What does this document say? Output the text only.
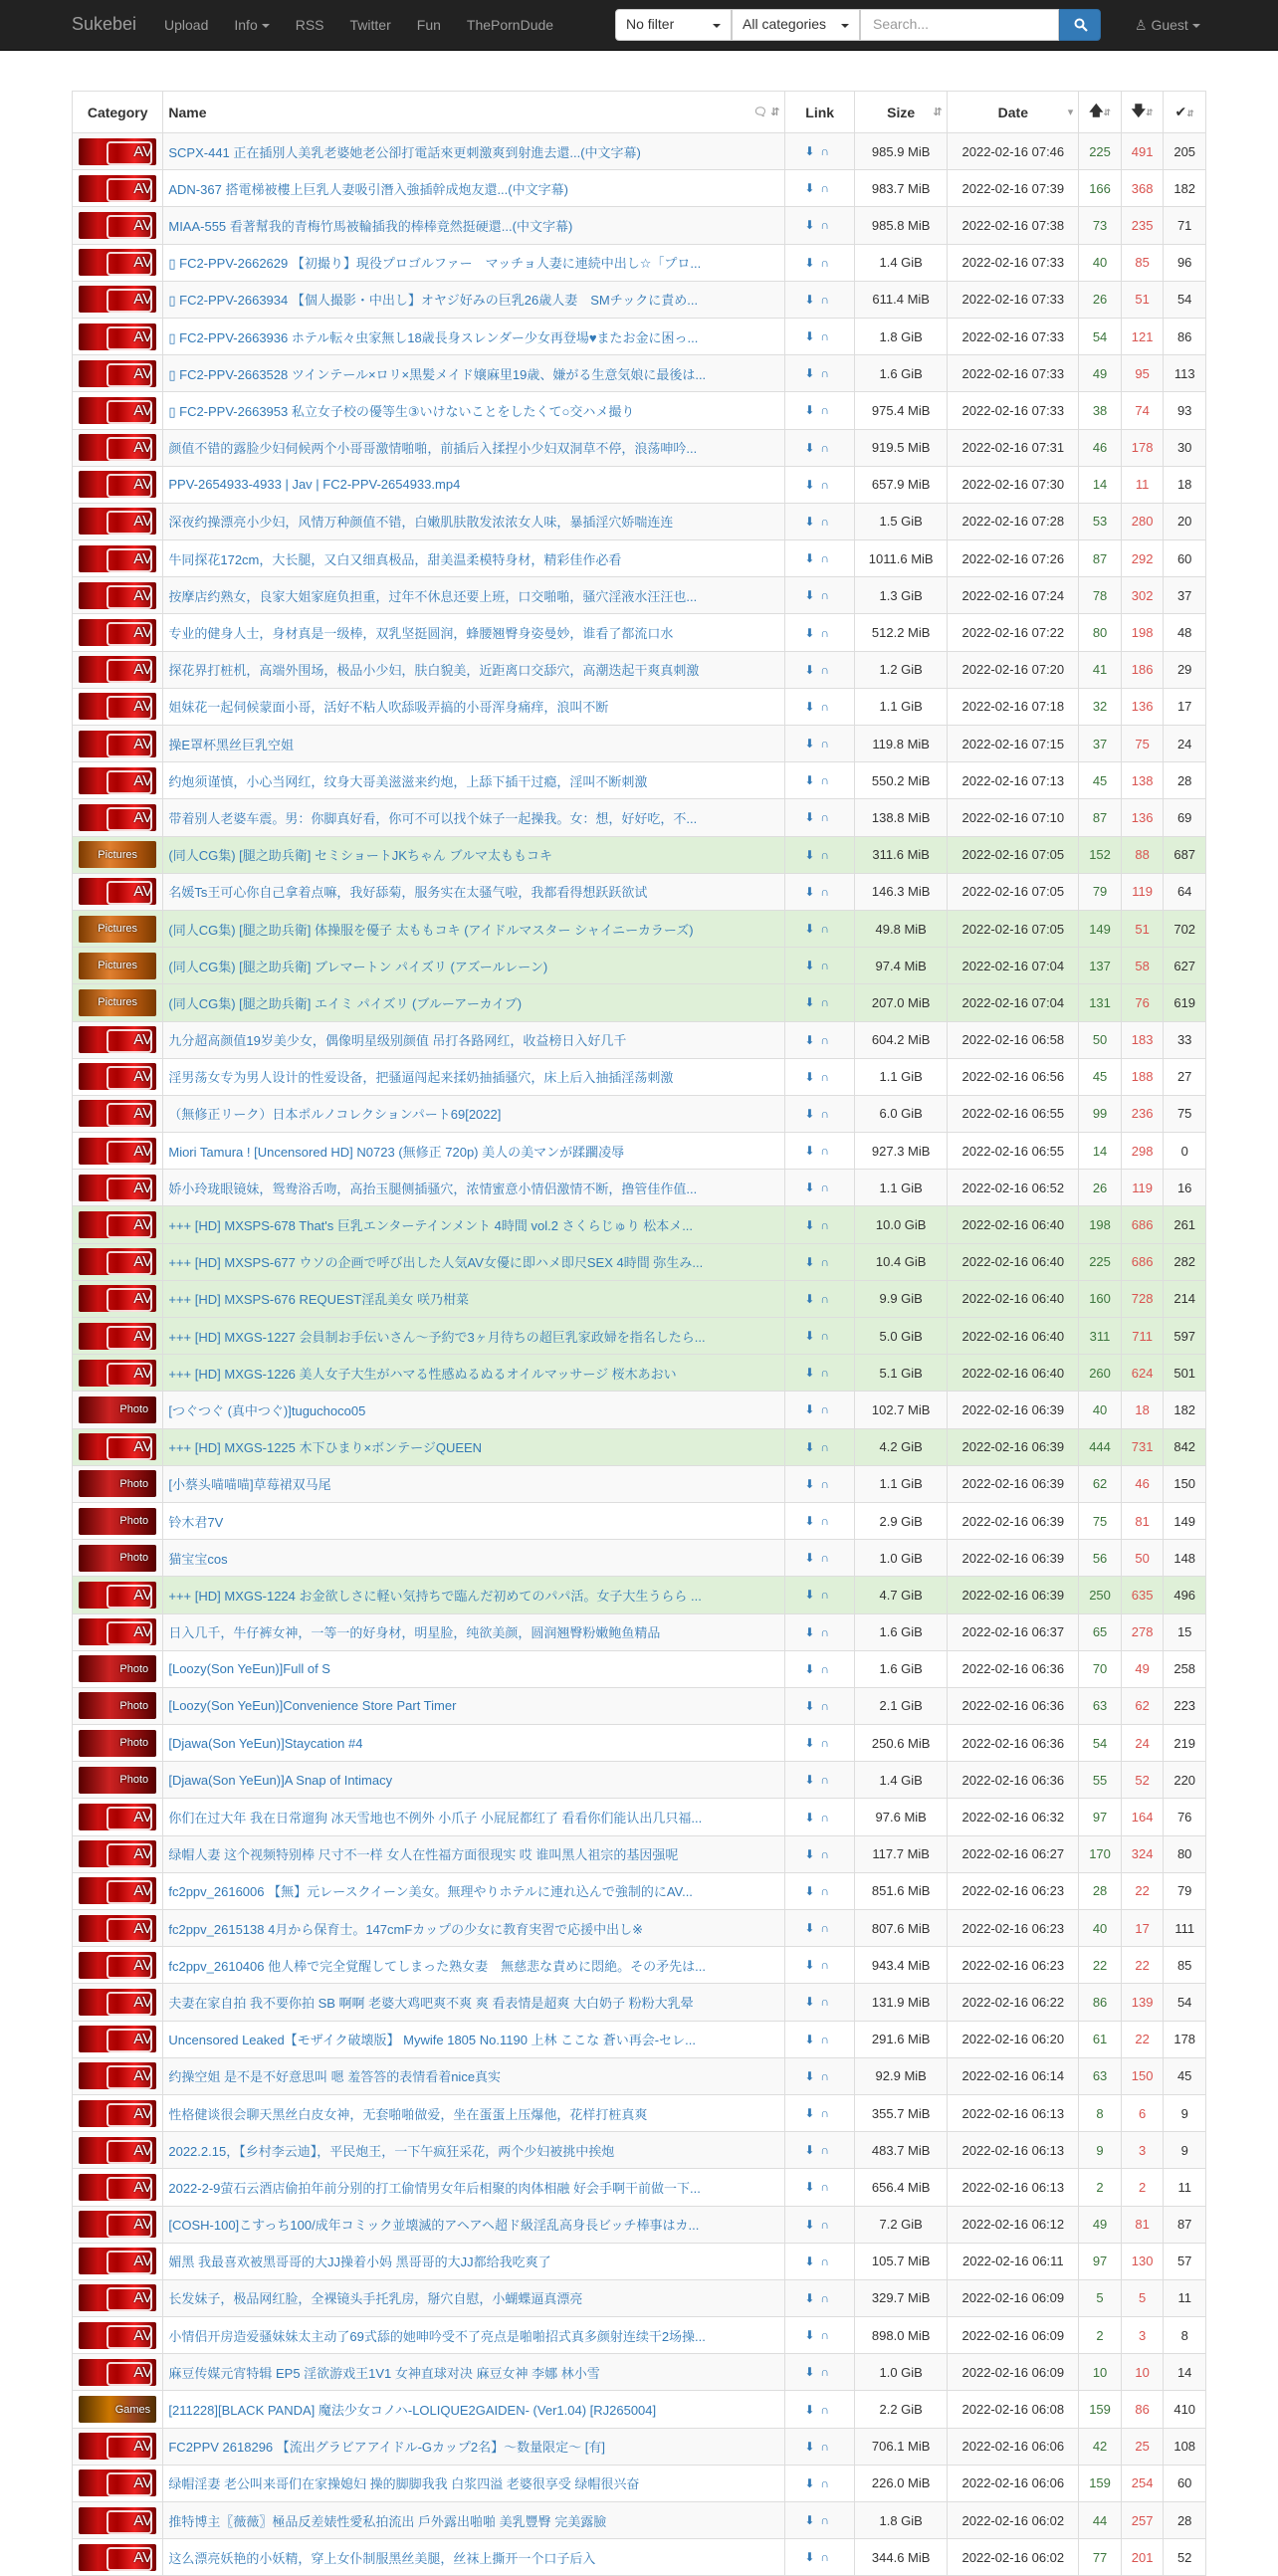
Sukebei	Upload	Info	RSS	Twitter	Fun	ThePornDude	No filter	All categories	Search...	♙ Guest
Category	Name 🗨 ⇵	Link	Size ⇵	Date ▾	🡅⇵	🡇⇵	✔⇵

AV	SCPX-441 正在插別人美乳老婆她老公卻打電話來更刺激爽到射進去還...(中文字幕)	⬇∩	985.9 MiB	2022-02-16 07:46	225	491	205

AV	ADN-367 搭電梯被樓上巨乳人妻吸引潛入強插幹成炮友還...(中文字幕)	⬇∩	983.7 MiB	2022-02-16 07:39	166	368	182

AV	MIAA-555 看著幫我的青梅竹馬被輪插我的棒棒竟然挺硬還...(中文字幕)	⬇∩	985.8 MiB	2022-02-16 07:38	73	235	71

AV	▯ FC2-PPV-2662629 【初撮り】現役プロゴルファー　マッチョ人妻に連続中出し☆「プロ...	⬇∩	1.4 GiB	2022-02-16 07:33	40	85	96

AV	▯ FC2-PPV-2663934 【個人撮影・中出し】オヤジ好みの巨乳26歳人妻　SMチックに責め...	⬇∩	611.4 MiB	2022-02-16 07:33	26	51	54

AV	▯ FC2-PPV-2663936 ホテル転々虫家無し18歳長身スレンダー少女再登場♥またお金に困っ...	⬇∩	1.8 GiB	2022-02-16 07:33	54	121	86

AV	▯ FC2-PPV-2663528 ツインテール×ロリ×黒髪メイド嬢麻里19歳、嫌がる生意気娘に最後は...	⬇∩	1.6 GiB	2022-02-16 07:33	49	95	113

AV	▯ FC2-PPV-2663953 私立女子校の優等生③いけないことをしたくて○交ハメ撮り	⬇∩	975.4 MiB	2022-02-16 07:33	38	74	93

AV	颜值不错的露脸少妇伺候两个小哥哥激情啪啪，前插后入揉捏小少妇双洞草不停，浪荡呻吟...	⬇∩	919.5 MiB	2022-02-16 07:31	46	178	30

AV	PPV-2654933-4933 | Jav | FC2-PPV-2654933.mp4	⬇∩	657.9 MiB	2022-02-16 07:30	14	11	18

AV	深夜约操漂亮小少妇，风情万种颜值不错，白嫩肌肤散发浓浓女人味，暴插淫穴娇喘连连	⬇∩	1.5 GiB	2022-02-16 07:28	53	280	20

AV	牛同探花172cm，大长腿，又白又细真极品，甜美温柔模特身材，精彩佳作必看	⬇∩	1011.6 MiB	2022-02-16 07:26	87	292	60

AV	按摩店约熟女，良家大姐家庭负担重，过年不休息还要上班，口交啪啪，骚穴淫液水汪汪也...	⬇∩	1.3 GiB	2022-02-16 07:24	78	302	37

AV	专业的健身人士，身材真是一级棒，双乳坚挺圆润，蜂腰翘臀身姿曼妙，谁看了都流口水	⬇∩	512.2 MiB	2022-02-16 07:22	80	198	48

AV	探花界打桩机，高端外围场，极品小少妇，肤白貌美，近距离口交舔穴，高潮迭起干爽真刺激	⬇∩	1.2 GiB	2022-02-16 07:20	41	186	29

AV	姐妹花一起伺候蒙面小哥，活好不粘人吹舔吸弄搞的小哥浑身痛痒，浪叫不断	⬇∩	1.1 GiB	2022-02-16 07:18	32	136	17

AV	操E罩杯黑丝巨乳空姐	⬇∩	119.8 MiB	2022-02-16 07:15	37	75	24

AV	约炮须谨慎，小心当网红，纹身大哥美滋滋来约炮，上舔下插干过瘾，淫叫不断刺激	⬇∩	550.2 MiB	2022-02-16 07:13	45	138	28

AV	带着别人老婆车震。男：你脚真好看，你可不可以找个妹子一起操我。女：想，好好吃，不...	⬇∩	138.8 MiB	2022-02-16 07:10	87	136	69

Pictures	(同人CG集) [腿之助兵衛] セミショートJKちゃん ブルマ太ももコキ	⬇∩	311.6 MiB	2022-02-16 07:05	152	88	687

AV	名媛Ts王可心你自己拿着点嘛，我好舔菊，服务实在太骚气啦，我都看得想跃跃欲试	⬇∩	146.3 MiB	2022-02-16 07:05	79	119	64

Pictures	(同人CG集) [腿之助兵衛] 体操服を優子 太ももコキ (アイドルマスター シャイニーカラーズ)	⬇∩	49.8 MiB	2022-02-16 07:05	149	51	702

Pictures	(同人CG集) [腿之助兵衛] ブレマートン パイズリ (アズールレーン)	⬇∩	97.4 MiB	2022-02-16 07:04	137	58	627

Pictures	(同人CG集) [腿之助兵衛] エイミ パイズリ (ブルーアーカイブ)	⬇∩	207.0 MiB	2022-02-16 07:04	131	76	619

AV	九分超高颜值19岁美少女，偶像明星级别颜值 吊打各路网红，收益榜日入好几千	⬇∩	604.2 MiB	2022-02-16 06:58	50	183	33

AV	淫男荡女专为男人设计的性爱设备，把骚逼闯起来揉奶抽插骚穴，床上后入抽插淫荡刺激	⬇∩	1.1 GiB	2022-02-16 06:56	45	188	27

AV	（無修正リーク）日本ポルノコレクションパート69[2022]	⬇∩	6.0 GiB	2022-02-16 06:55	99	236	75

AV	Miori Tamura ! [Uncensored HD] N0723 (無修正 720p) 美人の美マンが蹂躙凌辱	⬇∩	927.3 MiB	2022-02-16 06:55	14	298	0

AV	娇小玲珑眼镜妹，鸳鸯浴舌吻，高抬玉腿侧插骚穴，浓情蜜意小情侣激情不断，撸管佳作值...	⬇∩	1.1 GiB	2022-02-16 06:52	26	119	16

AV	+++ [HD] MXSPS-678 That's 巨乳エンターテインメント 4時間 vol.2 さくらじゅり 松本メ...	⬇∩	10.0 GiB	2022-02-16 06:40	198	686	261

AV	+++ [HD] MXSPS-677 ウソの企画で呼び出した人気AV女優に即ハメ即尺SEX 4時間 弥生み...	⬇∩	10.4 GiB	2022-02-16 06:40	225	686	282

AV	+++ [HD] MXSPS-676 REQUEST淫乱美女 咲乃柑菜	⬇∩	9.9 GiB	2022-02-16 06:40	160	728	214

AV	+++ [HD] MXGS-1227 会員制お手伝いさん～予約で3ヶ月待ちの超巨乳家政婦を指名したら...	⬇∩	5.0 GiB	2022-02-16 06:40	311	711	597

AV	+++ [HD] MXGS-1226 美人女子大生がハマる性感ぬるぬるオイルマッサージ 桜木あおい	⬇∩	5.1 GiB	2022-02-16 06:40	260	624	501

Photo	[つぐつぐ (真中つぐ)]tuguchoco05	⬇∩	102.7 MiB	2022-02-16 06:39	40	18	182

AV	+++ [HD] MXGS-1225 木下ひまり×ボンテージQUEEN	⬇∩	4.2 GiB	2022-02-16 06:39	444	731	842

Photo	[小蔡头喵喵喵]草莓裙双马尾	⬇∩	1.1 GiB	2022-02-16 06:39	62	46	150

Photo	铃木君7V	⬇∩	2.9 GiB	2022-02-16 06:39	75	81	149

Photo	猫宝宝cos	⬇∩	1.0 GiB	2022-02-16 06:39	56	50	148

AV	+++ [HD] MXGS-1224 お金欲しさに軽い気持ちで臨んだ初めてのパパ活。女子大生うらら ...	⬇∩	4.7 GiB	2022-02-16 06:39	250	635	496

AV	日入几千，牛仔裤女神，一等一的好身材，明星脸，纯欲美颜，圆润翘臀粉嫩鲍鱼精品	⬇∩	1.6 GiB	2022-02-16 06:37	65	278	15

Photo	[Loozy(Son YeEun)]Full of S	⬇∩	1.6 GiB	2022-02-16 06:36	70	49	258

Photo	[Loozy(Son YeEun)]Convenience Store Part Timer	⬇∩	2.1 GiB	2022-02-16 06:36	63	62	223

Photo	[Djawa(Son YeEun)]Staycation #4	⬇∩	250.6 MiB	2022-02-16 06:36	54	24	219

Photo	[Djawa(Son YeEun)]A Snap of Intimacy	⬇∩	1.4 GiB	2022-02-16 06:36	55	52	220

AV	你们在过大年 我在日常遛狗 冰天雪地也不例外 小爪子 小屁屁都红了 看看你们能认出几只福...	⬇∩	97.6 MiB	2022-02-16 06:32	97	164	76

AV	绿帽人妻 这个视频特别棒 尺寸不一样 女人在性福方面很现实 哎 谁叫黑人祖宗的基因强呢	⬇∩	117.7 MiB	2022-02-16 06:27	170	324	80

AV	fc2ppv_2616006 【無】元レースクイーン美女。無理やりホテルに連れ込んで強制的にAV...	⬇∩	851.6 MiB	2022-02-16 06:23	28	22	79

AV	fc2ppv_2615138 4月から保育士。147cmFカップの少女に教育実習で応援中出し※	⬇∩	807.6 MiB	2022-02-16 06:23	40	17	111

AV	fc2ppv_2610406 他人棒で完全覚醒してしまった熟女妻　無慈悲な責めに悶絶。その矛先は...	⬇∩	943.4 MiB	2022-02-16 06:23	22	22	85

AV	夫妻在家自拍 我不要你拍 SB 啊啊 老婆大鸡吧爽不爽 爽 看表情是超爽 大白奶子 粉粉大乳晕	⬇∩	131.9 MiB	2022-02-16 06:22	86	139	54

AV	Uncensored Leaked【モザイク破壊版】 Mywife 1805 No.1190 上林 ここな 蒼い再会-セレ...	⬇∩	291.6 MiB	2022-02-16 06:20	61	22	178

AV	约操空姐 是不是不好意思叫 嗯 羞答答的表情看着nice真实	⬇∩	92.9 MiB	2022-02-16 06:14	63	150	45

AV	性格健谈很会聊天黑丝白皮女神，无套啪啪做爱，坐在蛋蛋上压爆他，花样打桩真爽	⬇∩	355.7 MiB	2022-02-16 06:13	8	6	9

AV	2022.2.15，【乡村李云迪】，平民炮王，一下午疯狂采花，两个少妇被挑中挨炮	⬇∩	483.7 MiB	2022-02-16 06:13	9	3	9

AV	2022-2-9萤石云酒店偷拍年前分别的打工偷情男女年后相聚的肉体相融 好会手啊干前做一下...	⬇∩	656.4 MiB	2022-02-16 06:13	2	2	11

AV	[COSH-100]こすっち100/成年コミック並壊滅的アヘアヘ超ド級淫乱高身長ビッチ棒事はカ...	⬇∩	7.2 GiB	2022-02-16 06:12	49	81	87

AV	媚黑 我最喜欢被黑哥哥的大JJ操着小妈 黑哥哥的大JJ都给我吃爽了	⬇∩	105.7 MiB	2022-02-16 06:11	97	130	57

AV	长发妹子，极品网红脸，全裸镜头手托乳房，掰穴自慰，小蝴蝶逼真漂亮	⬇∩	329.7 MiB	2022-02-16 06:09	5	5	11

AV	小情侣开房造爱骚妹妹太主动了69式舔的她呻吟受不了亮点是啪啪招式真多颜射连续干2场操...	⬇∩	898.0 MiB	2022-02-16 06:09	2	3	8

AV	麻豆传媒元宵特辑 EP5 淫欲游戏王1V1 女神直球对决 麻豆女神 李娜 林小雪	⬇∩	1.0 GiB	2022-02-16 06:09	10	10	14

Games	[211228][BLACK PANDA] 魔法少女コノハ-LOLIQUE2GAIDEN- (Ver1.04) [RJ265004]	⬇∩	2.2 GiB	2022-02-16 06:08	159	86	410

AV	FC2PPV 2618296 【流出グラビアアイドル-Gカップ2名】～数量限定～ [有]	⬇∩	706.1 MiB	2022-02-16 06:06	42	25	108

AV	绿帽淫妻 老公叫来哥们在家操媳妇 操的脚脚我我 白浆四溢 老婆很享受 绿帽很兴奋	⬇∩	226.0 MiB	2022-02-16 06:06	159	254	60

AV	推特博主〖薇薇〗極品反差婊性愛私拍流出 戶外露出啪啪 美乳豐臀 完美露臉	⬇∩	1.8 GiB	2022-02-16 06:02	44	257	28

AV	这么漂亮妖艳的小妖精，穿上女仆制服黑丝美腿，丝袜上撕开一个口子后入	⬇∩	344.6 MiB	2022-02-16 06:02	77	201	52
